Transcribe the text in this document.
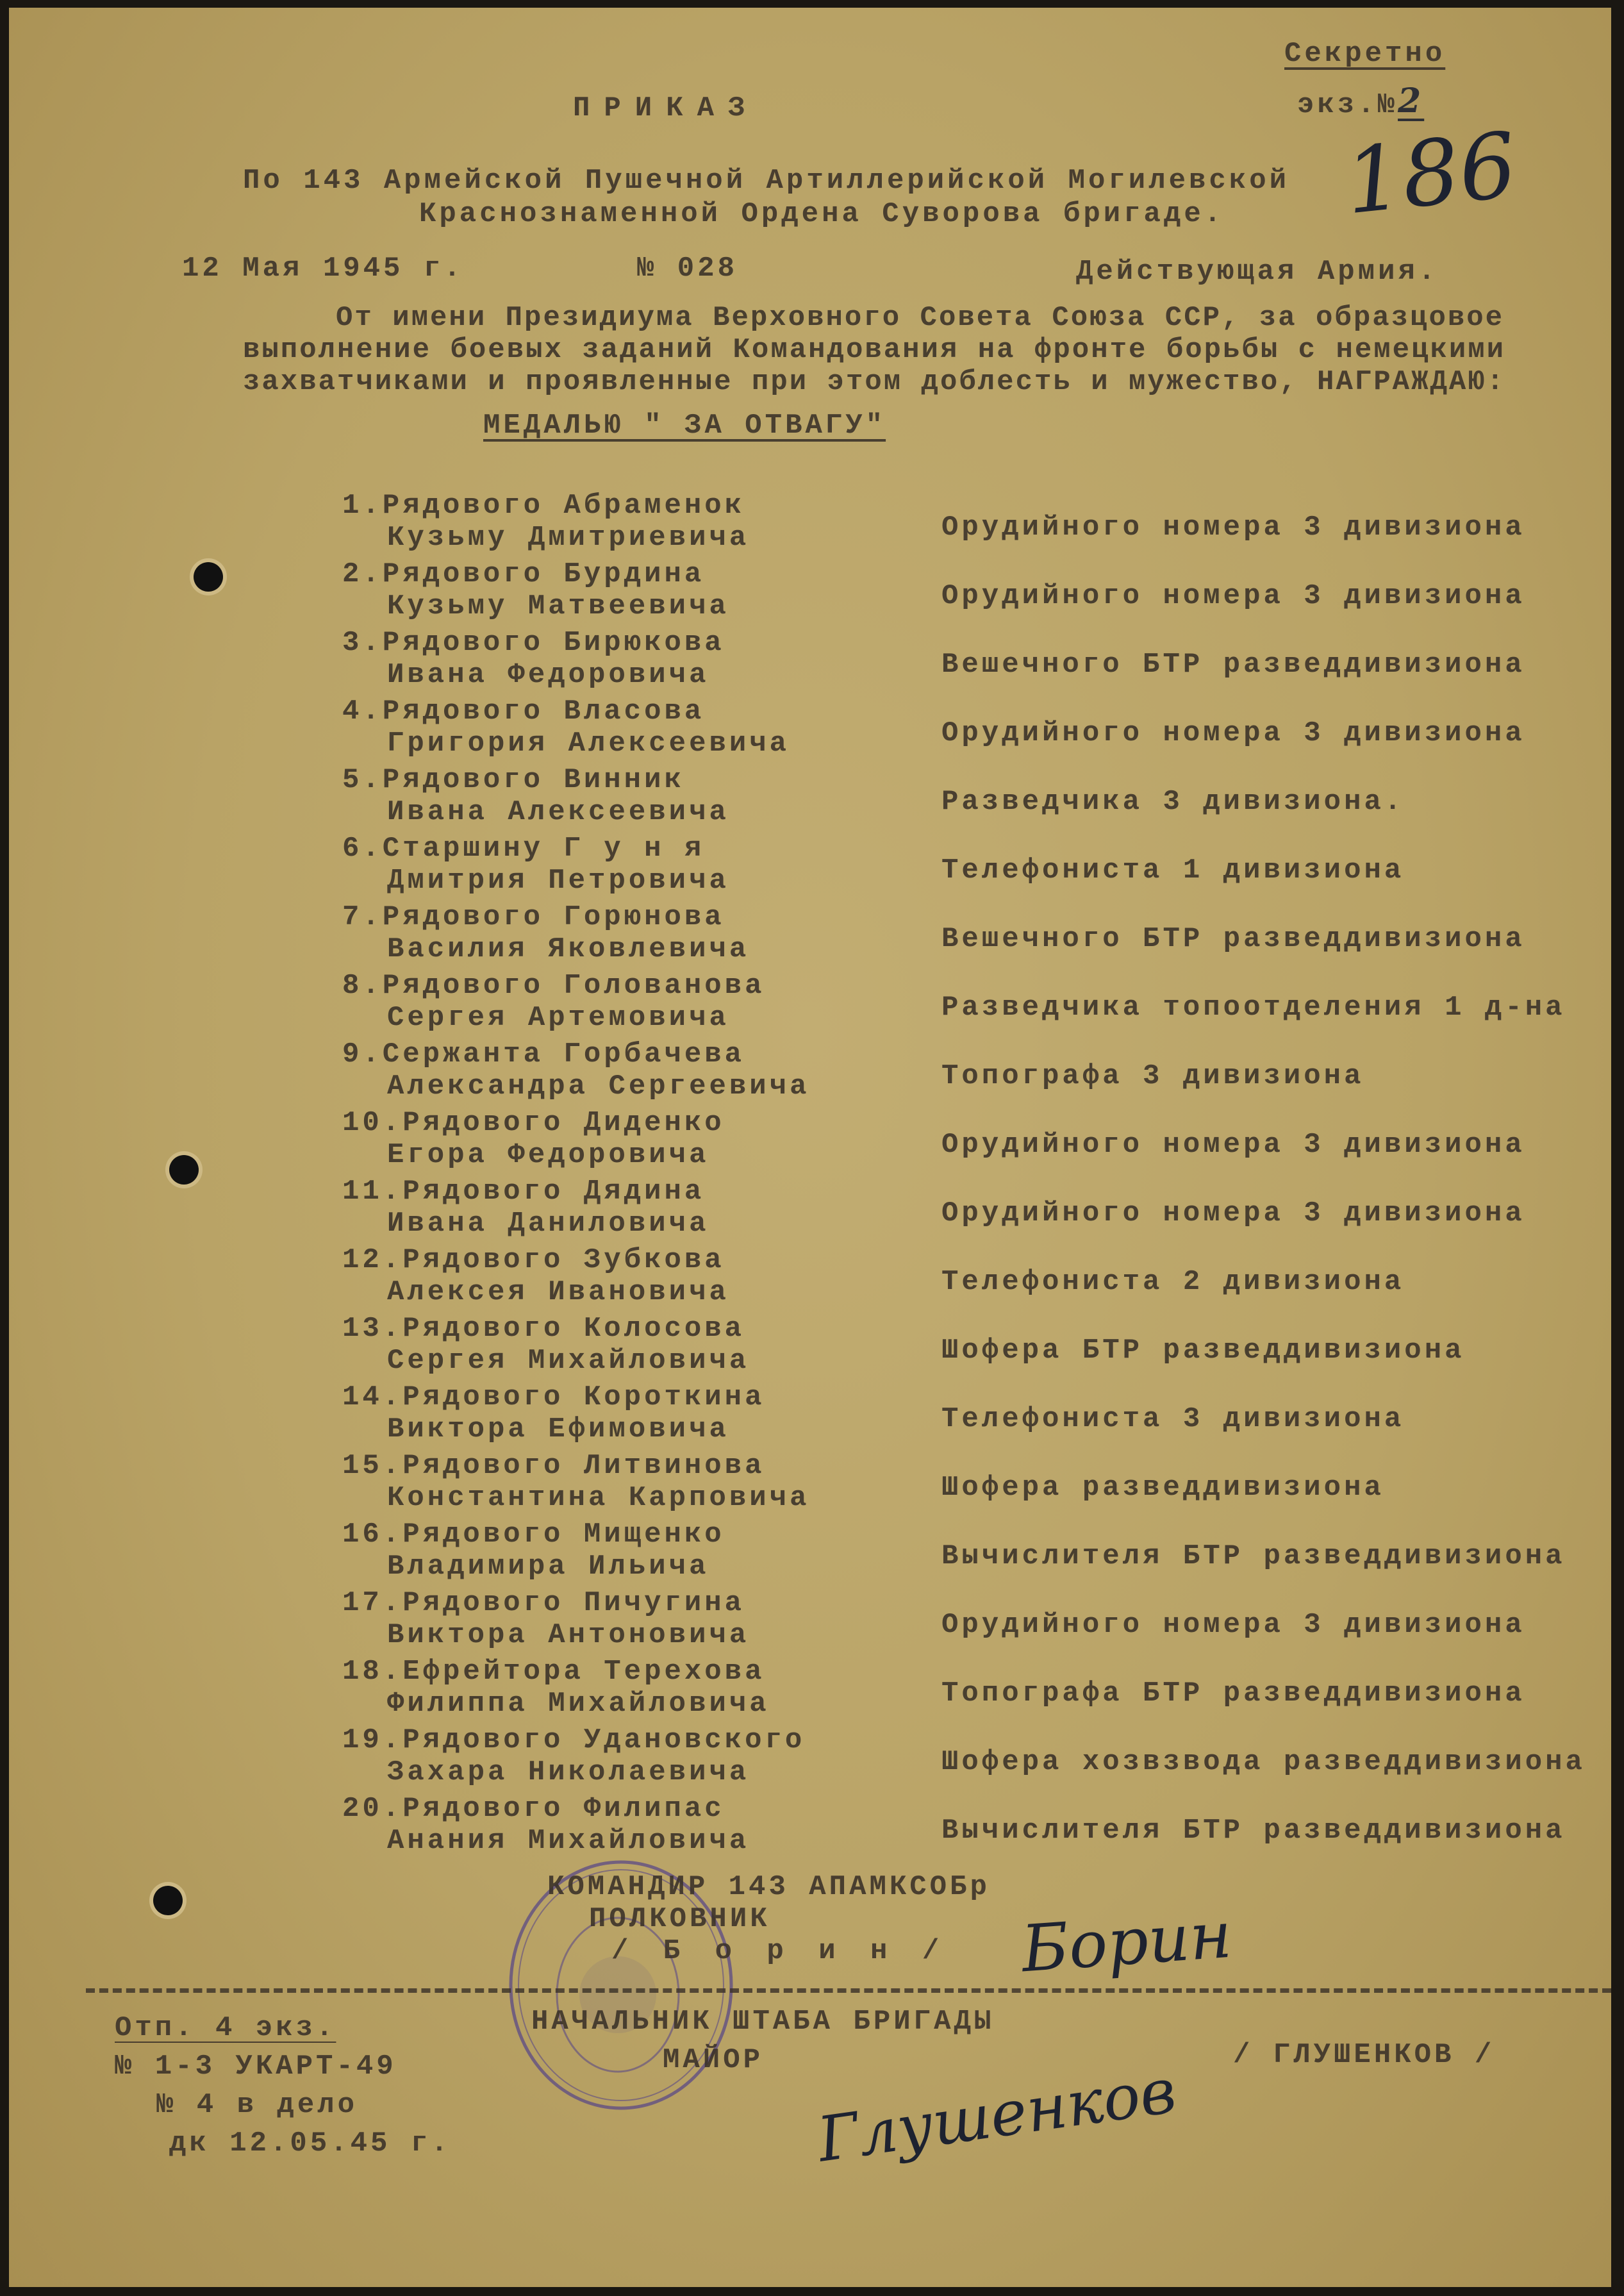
Секретно
экз.№2
186
ПРИКАЗ
По 143 Армейской Пушечной Артиллерийской Могилевской
Краснознаменной Ордена Суворова бригаде.
12 Мая 1945 г.	№ 028	Действующая Армия.
От имени Президиума Верховного Совета Союза ССР, за образцовое
выполнение боевых заданий Командования на фронте борьбы с немецкими
захватчиками и проявленные при этом доблесть и мужество, НАГРАЖДАЮ:
МЕДАЛЬЮ " ЗА ОТВАГУ"
1.Рядового Абраменок
Кузьму Дмитриевича	Орудийного номера 3 дивизиона
2.Рядового Бурдина
Кузьму Матвеевича	Орудийного номера 3 дивизиона
3.Рядового Бирюкова
Ивана Федоровича	Вешечного БТР разведдивизиона
4.Рядового Власова
Григория Алексеевича	Орудийного номера 3 дивизиона
5.Рядового Винник
Ивана Алексеевича	Разведчика 3 дивизиона.
6.Старшину Г у н я
Дмитрия Петровича	Телефониста 1 дивизиона
7.Рядового Горюнова
Василия Яковлевича	Вешечного БТР разведдивизиона
8.Рядового Голованова
Сергея Артемовича	Разведчика топоотделения 1 д-на
9.Сержанта Горбачева
Александра Сергеевича	Топографа 3 дивизиона
10.Рядового Диденко
Егора Федоровича	Орудийного номера 3 дивизиона
11.Рядового Дядина
Ивана Даниловича	Орудийного номера 3 дивизиона
12.Рядового Зубкова
Алексея Ивановича	Телефониста 2 дивизиона
13.Рядового Колосова
Сергея Михайловича	Шофера БТР разведдивизиона
14.Рядового Короткина
Виктора Ефимовича	Телефониста 3 дивизиона
15.Рядового Литвинова
Константина Карповича	Шофера разведдивизиона
16.Рядового Мищенко
Владимира Ильича	Вычислителя БТР разведдивизиона
17.Рядового Пичугина
Виктора Антоновича	Орудийного номера 3 дивизиона
18.Ефрейтора Терехова
Филиппа Михайловича	Топографа БТР разведдивизиона
19.Рядового Удановского
Захара Николаевича	Шофера хозвзвода разведдивизиона
20.Рядового Филипас
Анания Михайловича	Вычислителя БТР разведдивизиона
КОМАНДИР 143 АПАМКСОБр
ПОЛКОВНИК
/ Б о р и н / Борин
НАЧАЛЬНИК ШТАБА БРИГАДЫ
МАЙОР	/ ГЛУШЕНКОВ /
Глушенков
Отп. 4 экз.
№ 1-3 УКАРТ-49
№ 4 в дело
дк 12.05.45 г.
